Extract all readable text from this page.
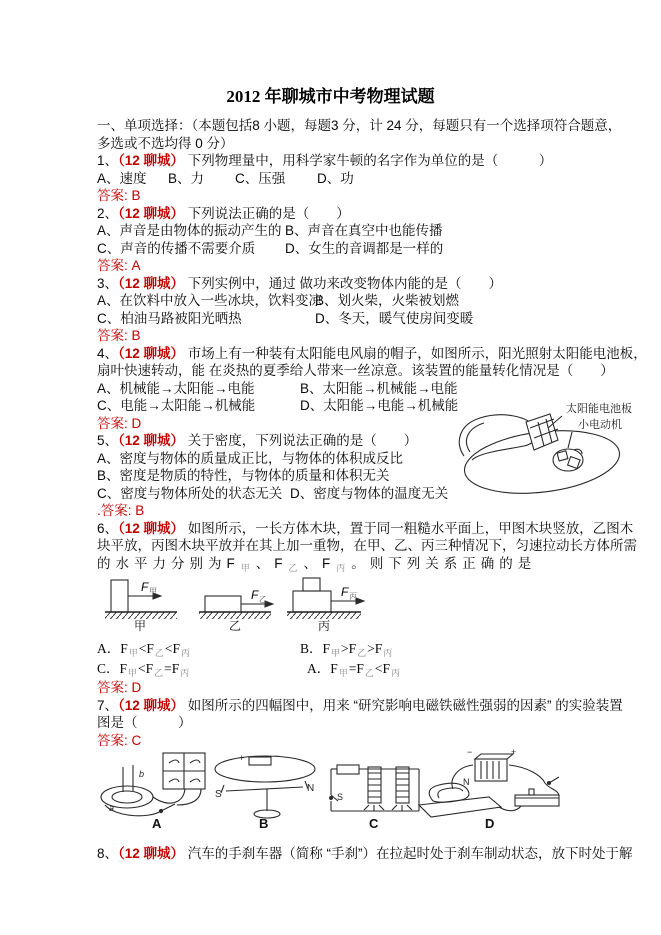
2012 年聊城市中考物理试题
太阳能电池板
小电动机
一、单项选择：（本题包括8 小题，每题3 分，计 24 分，每题只有一个选择项符合题意，
多选或不选均得 0 分）
1、（12 聊城） 下列物理量中，用科学家牛顿的名字作为单位的是（　　　）
A、速度 B、力 C、压强 D、功
答案: B
2、（12 聊城） 下列说法正确的是（　　）
A、声音是由物体的振动产生的 B、声音在真空中也能传播
C、声音的传播不需要介质 D、女生的音调都是一样的
答案: A
3、（12 聊城） 下列实例中，通过 做功来改变物体内能的是（　　）
A、在饮料中放入一些冰块，饮料变凉B、划火柴，火柴被划燃
C、柏油马路被阳光晒热	D、冬天，暖气使房间变暖
答案: B
4、（12 聊城） 市场上有一种装有太阳能电风扇的帽子，如图所示，阳光照射太阳能电池板，
扇叶快速转动，能 在炎热的夏季给人带来一丝凉意。该装置的能量转化情况是（　　）
A、机械能→太阳能→电能	B、太阳能→机械能→电能
C、电能→太阳能→机械能	D、太阳能→电能→机械能
答案: D
5、（12 聊城） 关于密度，下列说法正确的是（　　）
A、密度与物体的质量成正比，与物体的体积成反比
B、密度是物质的特性，与物体的质量和体积无关
C、密度与物体所处的状态无关 D、密度与物体的温度无关
.答案: B
6、（12 聊城） 如图所示，一长方体木块，置于同一粗糙水平面上，甲图木块竖放，乙图木
块平放，丙图木块平放并在其上加一重物，在甲、乙、丙三种情况下，匀速拉动长方体所需
的水平力分别为$F_甲$、$F_乙$、$F_丙$。则下列关系正确的是
F 甲
甲
F 乙
乙
F 丙
丙
A．$F_甲<F_乙<F_丙$	B．$F_甲>F_乙>F_丙$
C．$F_甲<F_乙=F_丙$	A．$F_甲=F_乙<F_丙$
答案: D
7、（12 聊城） 如图所示的四幅图中，用来 “研究影响电磁铁磁性强弱的因素” 的实验装置
图是（　　　）
答案: C
a
b
A
+	−
S
N
B
S
C
N
+
−
D
8、（12 聊城） 汽车的手刹车器（简称 “手刹”）在拉起时处于刹车制动状态，放下时处于解
